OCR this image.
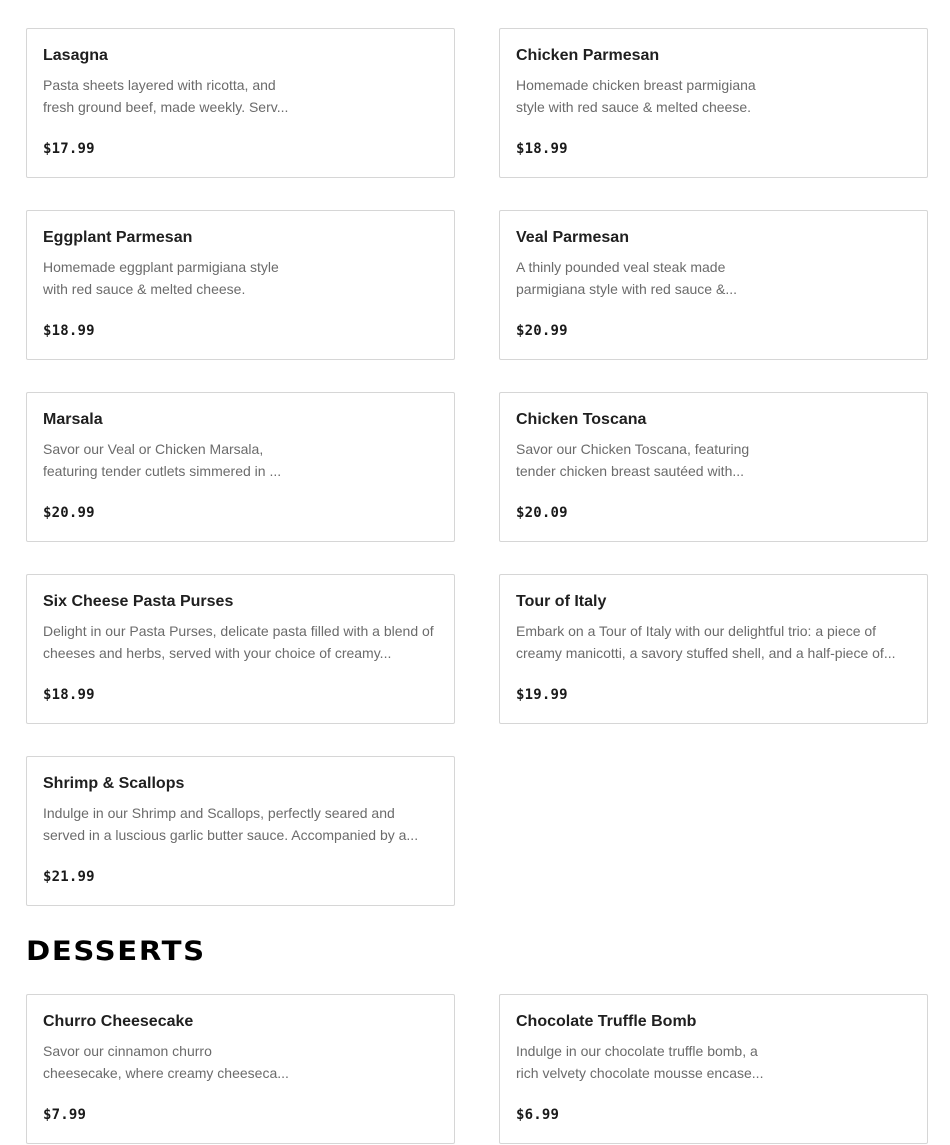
Lasagna
Pasta sheets layered with ricotta, and fresh ground beef, made weekly. Serv...
$17.99
Chicken Parmesan
Homemade chicken breast parmigiana style with red sauce & melted cheese.
$18.99
Eggplant Parmesan
Homemade eggplant parmigiana style with red sauce & melted cheese.
$18.99
Veal Parmesan
A thinly pounded veal steak made parmigiana style with red sauce &...
$20.99
Marsala
Savor our Veal or Chicken Marsala, featuring tender cutlets simmered in ...
$20.99
Chicken Toscana
Savor our Chicken Toscana, featuring tender chicken breast sautéed with...
$20.09
Six Cheese Pasta Purses
Delight in our Pasta Purses, delicate pasta filled with a blend of cheeses and herbs, served with your choice of creamy...
$18.99
Tour of Italy
Embark on a Tour of Italy with our delightful trio: a piece of creamy manicotti, a savory stuffed shell, and a half-piece of...
$19.99
Shrimp & Scallops
Indulge in our Shrimp and Scallops, perfectly seared and served in a luscious garlic butter sauce. Accompanied by a...
$21.99
DESSERTS
Churro Cheesecake
Savor our cinnamon churro cheesecake, where creamy cheeseca...
$7.99
Chocolate Truffle Bomb
Indulge in our chocolate truffle bomb, a rich velvety chocolate mousse encase...
$6.99
